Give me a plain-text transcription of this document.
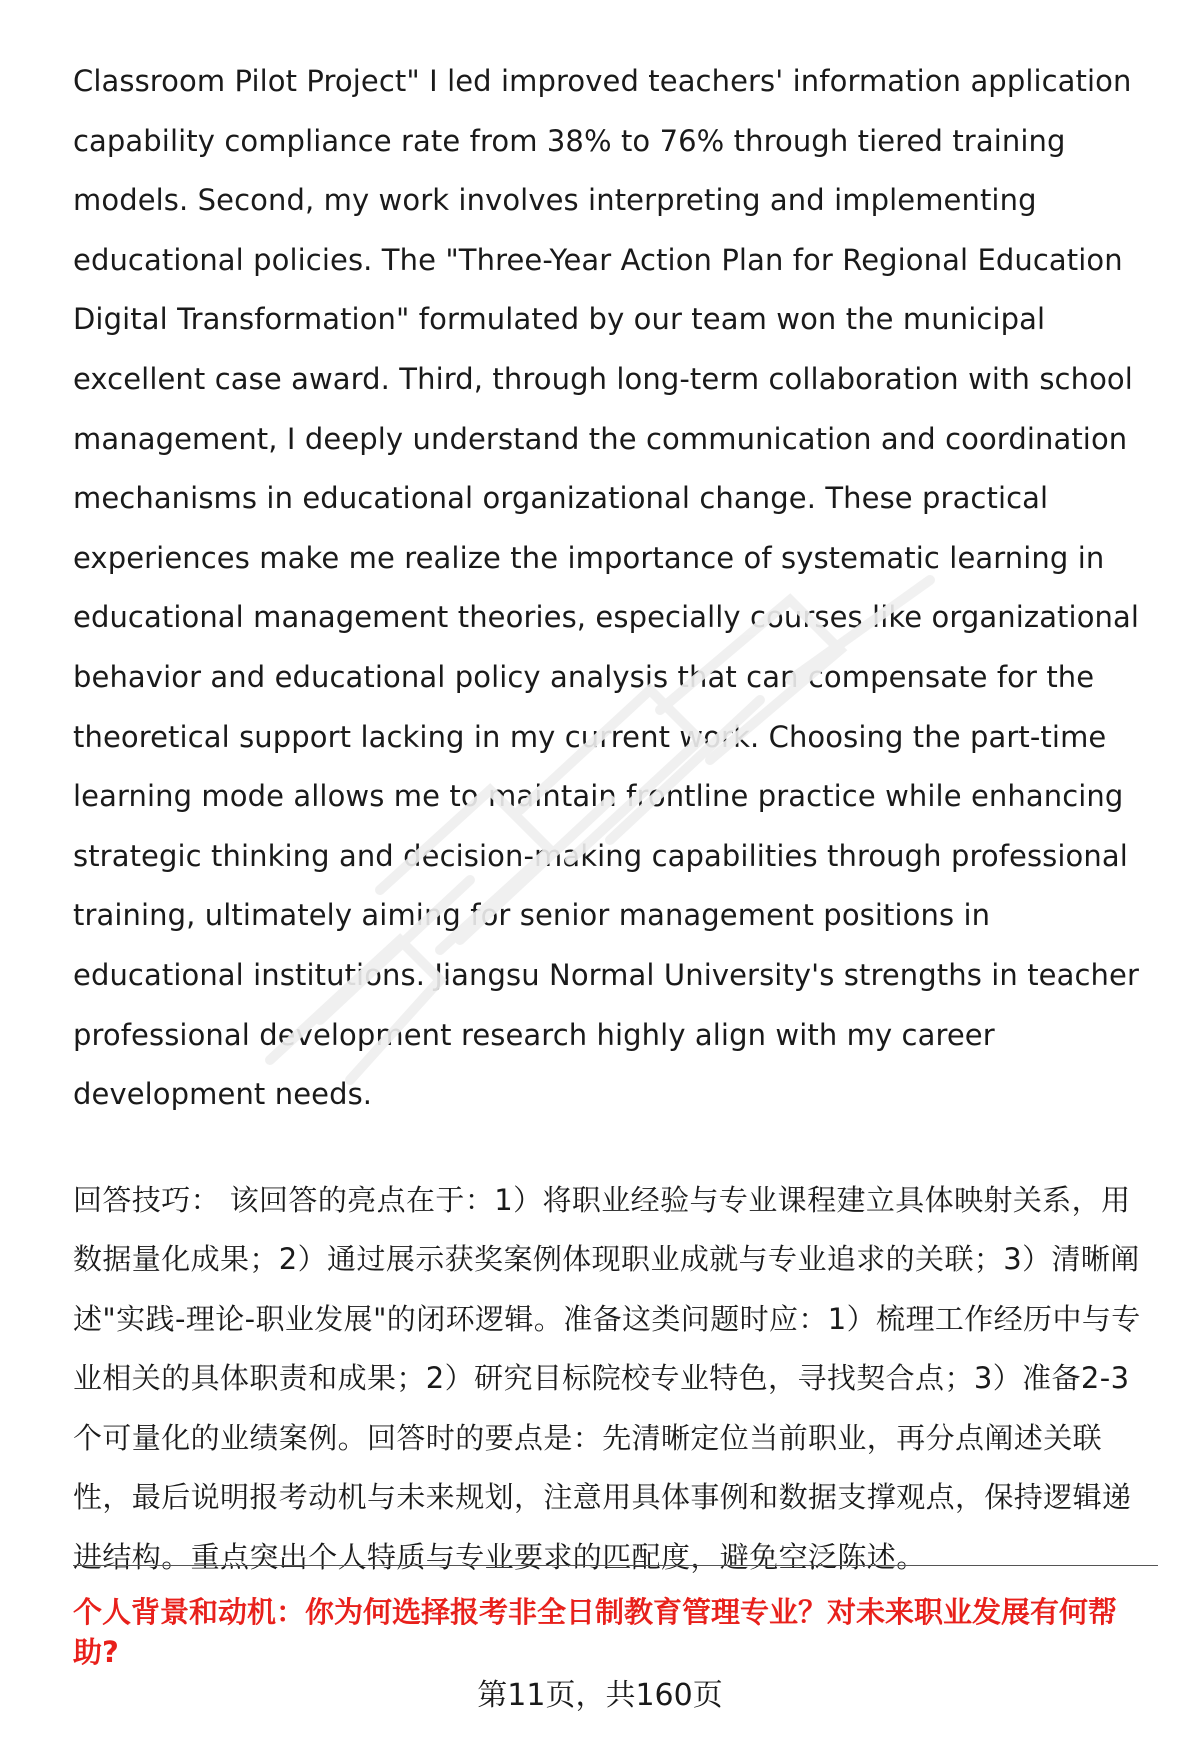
Classroom Pilot Project" I led improved teachers' information application capability compliance rate from 38% to 76% through tiered training models. Second, my work involves interpreting and implementing educational policies. The "Three-Year Action Plan for Regional Education Digital Transformation" formulated by our team won the municipal excellent case award. Third, through long-term collaboration with school management, I deeply understand the communication and coordination mechanisms in educational organizational change. These practical experiences make me realize the importance of systematic learning in educational management theories, especially courses like organizational behavior and educational policy analysis that can compensate for the theoretical support lacking in my current work. Choosing the part-time learning mode allows me to maintain frontline practice while enhancing strategic thinking and decision-making capabilities through professional training, ultimately aiming for senior management positions in educational institutions. Jiangsu Normal University's strengths in teacher professional development research highly align with my career development needs.

回答技巧： 该回答的亮点在于：1）将职业经验与专业课程建立具体映射关系，用数据量化成果；2）通过展示获奖案例体现职业成就与专业追求的关联；3）清晰阐述"实践-理论-职业发展"的闭环逻辑。准备这类问题时应：1）梳理工作经历中与专业相关的具体职责和成果；2）研究目标院校专业特色，寻找契合点；3）准备2-3个可量化的业绩案例。回答时的要点是：先清晰定位当前职业，再分点阐述关联性，最后说明报考动机与未来规划，注意用具体事例和数据支撑观点，保持逻辑递进结构。重点突出个人特质与专业要求的匹配度，避免空泛陈述。

个人背景和动机：你为何选择报考非全日制教育管理专业？对未来职业发展有何帮助?

第11页，共160页
